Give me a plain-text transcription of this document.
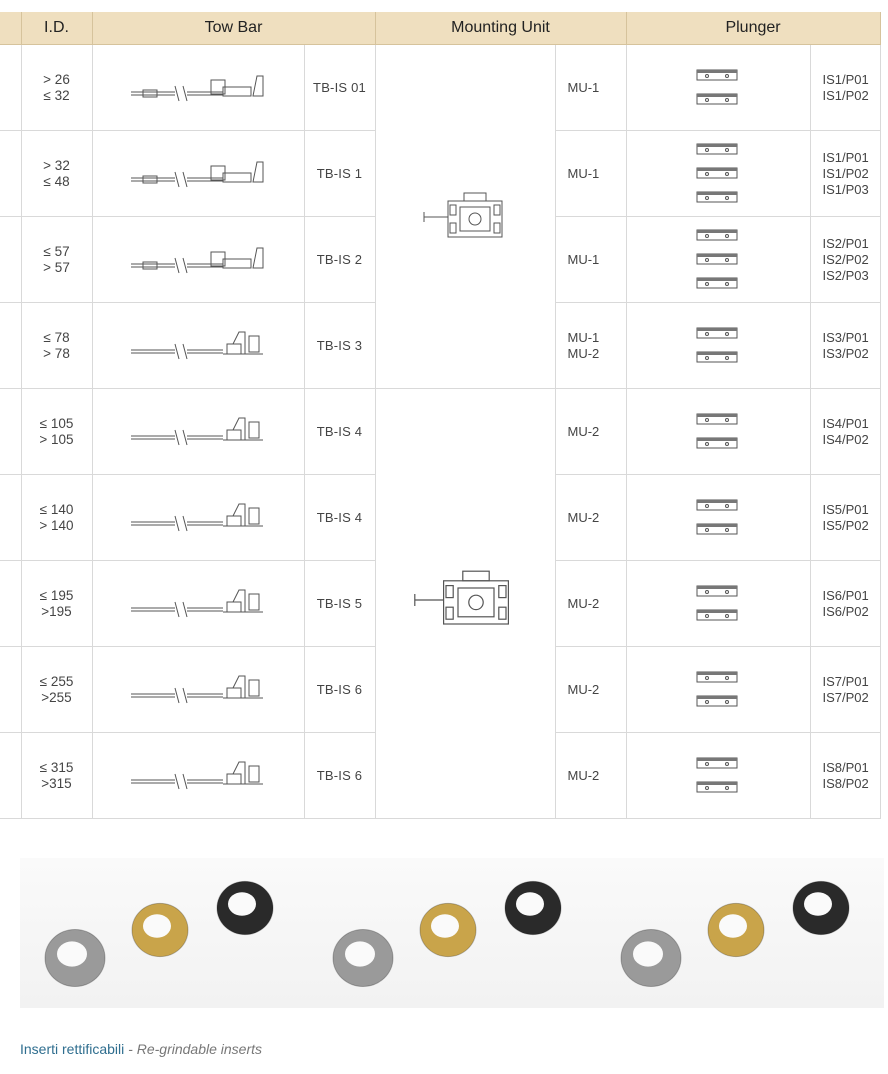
	I.D.	Tow Bar		Mounting Unit		Plunger	

	> 26
≤ 32		TB-IS 01		MU-1		IS1/P01
IS1/P02

	> 32
≤ 48		TB-IS 1		MU-1		IS1/P01
IS1/P02
IS1/P03

	≤ 57
> 57		TB-IS 2		MU-1		IS2/P01
IS2/P02
IS2/P03

	≤ 78
> 78		TB-IS 3		MU-1
MU-2		IS3/P01
IS3/P02

	≤ 105
> 105		TB-IS 4		MU-2		IS4/P01
IS4/P02

	≤ 140
> 140		TB-IS 4		MU-2		IS5/P01
IS5/P02

	≤ 195
>195		TB-IS 5		MU-2		IS6/P01
IS6/P02

	≤ 255
>255		TB-IS 6		MU-2		IS7/P01
IS7/P02

	≤ 315
>315		TB-IS 6		MU-2		IS8/P01
IS8/P02
Inserti rettificabili - Re-grindable inserts
